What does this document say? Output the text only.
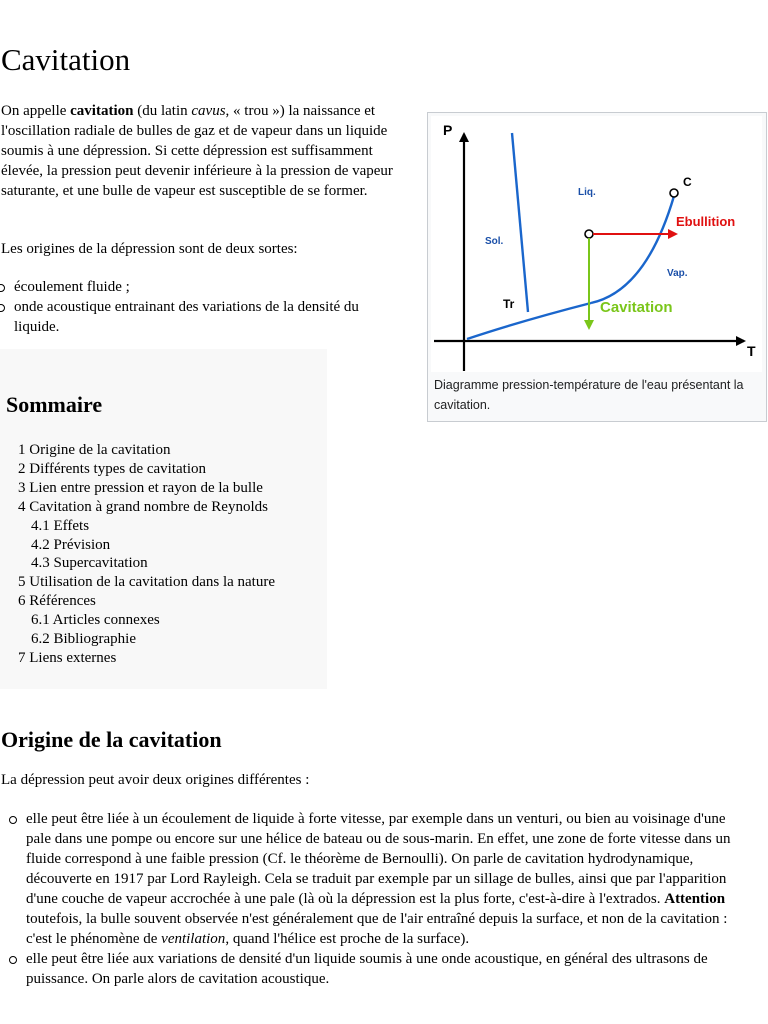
Cavitation

On appelle cavitation (du latin cavus, « trou ») la naissance et l'oscillation radiale de bulles de gaz et de vapeur dans un liquide soumis à une dépression. Si cette dépression est suffisamment élevée, la pression peut devenir inférieure à la pression de vapeur saturante, et une bulle de vapeur est susceptible de se former.

Les origines de la dépression sont de deux sortes:

écoulement fluide ;
onde acoustique entrainant des variations de la densité du liquide.
P
T
C
Liq.
Sol.
Vap.
Tr
Ebullition
Cavitation
Diagramme pression-température de l'eau présentant la cavitation.
Sommaire
1 Origine de la cavitation
2 Différents types de cavitation
3 Lien entre pression et rayon de la bulle
4 Cavitation à grand nombre de Reynolds
4.1 Effets
4.2 Prévision
4.3 Supercavitation
5 Utilisation de la cavitation dans la nature
6 Références
6.1 Articles connexes
6.2 Bibliographie
7 Liens externes
Origine de la cavitation

La dépression peut avoir deux origines différentes :

elle peut être liée à un écoulement de liquide à forte vitesse, par exemple dans un venturi, ou bien au voisinage d'une pale dans une pompe ou encore sur une hélice de bateau ou de sous-marin. En effet, une zone de forte vitesse dans un fluide correspond à une faible pression (Cf. le théorème de Bernoulli). On parle de cavitation hydrodynamique, découverte en 1917 par Lord Rayleigh. Cela se traduit par exemple par un sillage de bulles, ainsi que par l'apparition d'une couche de vapeur accrochée à une pale (là où la dépression est la plus forte, c'est-à-dire à l'extrados. Attention toutefois, la bulle souvent observée n'est généralement que de l'air entraîné depuis la surface, et non de la cavitation : c'est le phénomène de ventilation, quand l'hélice est proche de la surface).
elle peut être liée aux variations de densité d'un liquide soumis à une onde acoustique, en général des ultrasons de puissance. On parle alors de cavitation acoustique.
